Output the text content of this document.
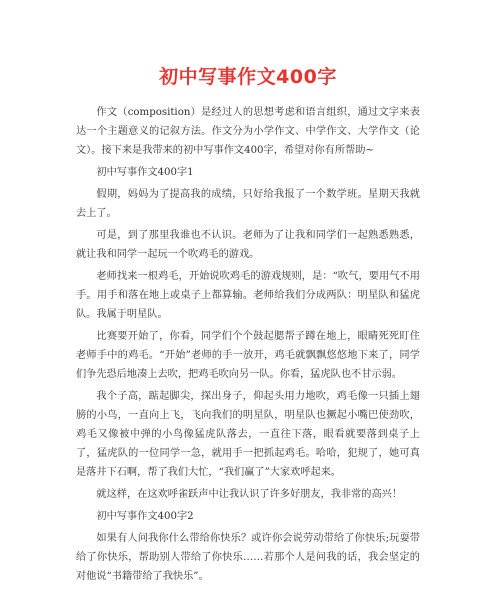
初中写事作文400字

作文（composition）是经过人的思想考虑和语言组织，通过文字来表达一个主题意义的记叙方法。作文分为小学作文、中学作文、大学作文（论文）。接下来是我带来的初中写事作文400字，希望对你有所帮助~

初中写事作文400字1

假期，妈妈为了提高我的成绩，只好给我报了一个数学班。星期天我就去上了。

可是，到了那里我谁也不认识。老师为了让我和同学们一起熟悉熟悉，就让我和同学一起玩一个吹鸡毛的游戏。

老师找来一根鸡毛，开始说吹鸡毛的游戏规则，是：“吹气，要用气不用手。用手和落在地上或桌子上都算输。老师给我们分成两队：明星队和猛虎队。我属于明星队。

比赛要开始了，你看，同学们个个鼓起腮帮子蹲在地上，眼睛死死盯住老师手中的鸡毛。“开始”老师的手一放开，鸡毛就飘飘悠悠地下来了，同学们争先恐后地凑上去吹，把鸡毛吹向另一队。你看，猛虎队也不甘示弱。

我个子高，踮起脚尖，探出身子，仰起头用力地吹，鸡毛像一只插上翅膀的小鸟，一直向上飞，飞向我们的明星队，明星队也撅起小嘴巴使劲吹，鸡毛又像被中弹的小鸟像猛虎队落去，一直往下落，眼看就要落到桌子上了，猛虎队的一位同学一急，就用手一把抓起鸡毛。哈哈，犯规了，她可真是落井下石啊，帮了我们大忙，“我们赢了”大家欢呼起来。

就这样，在这欢呼雀跃声中让我认识了许多好朋友，我非常的高兴！

初中写事作文400字2

如果有人问我你什么带给你快乐？或许你会说劳动带给了你快乐;玩耍带给了你快乐，帮助别人带给了你快乐……若那个人是问我的话，我会坚定的对他说“书籍带给了我快乐”。
